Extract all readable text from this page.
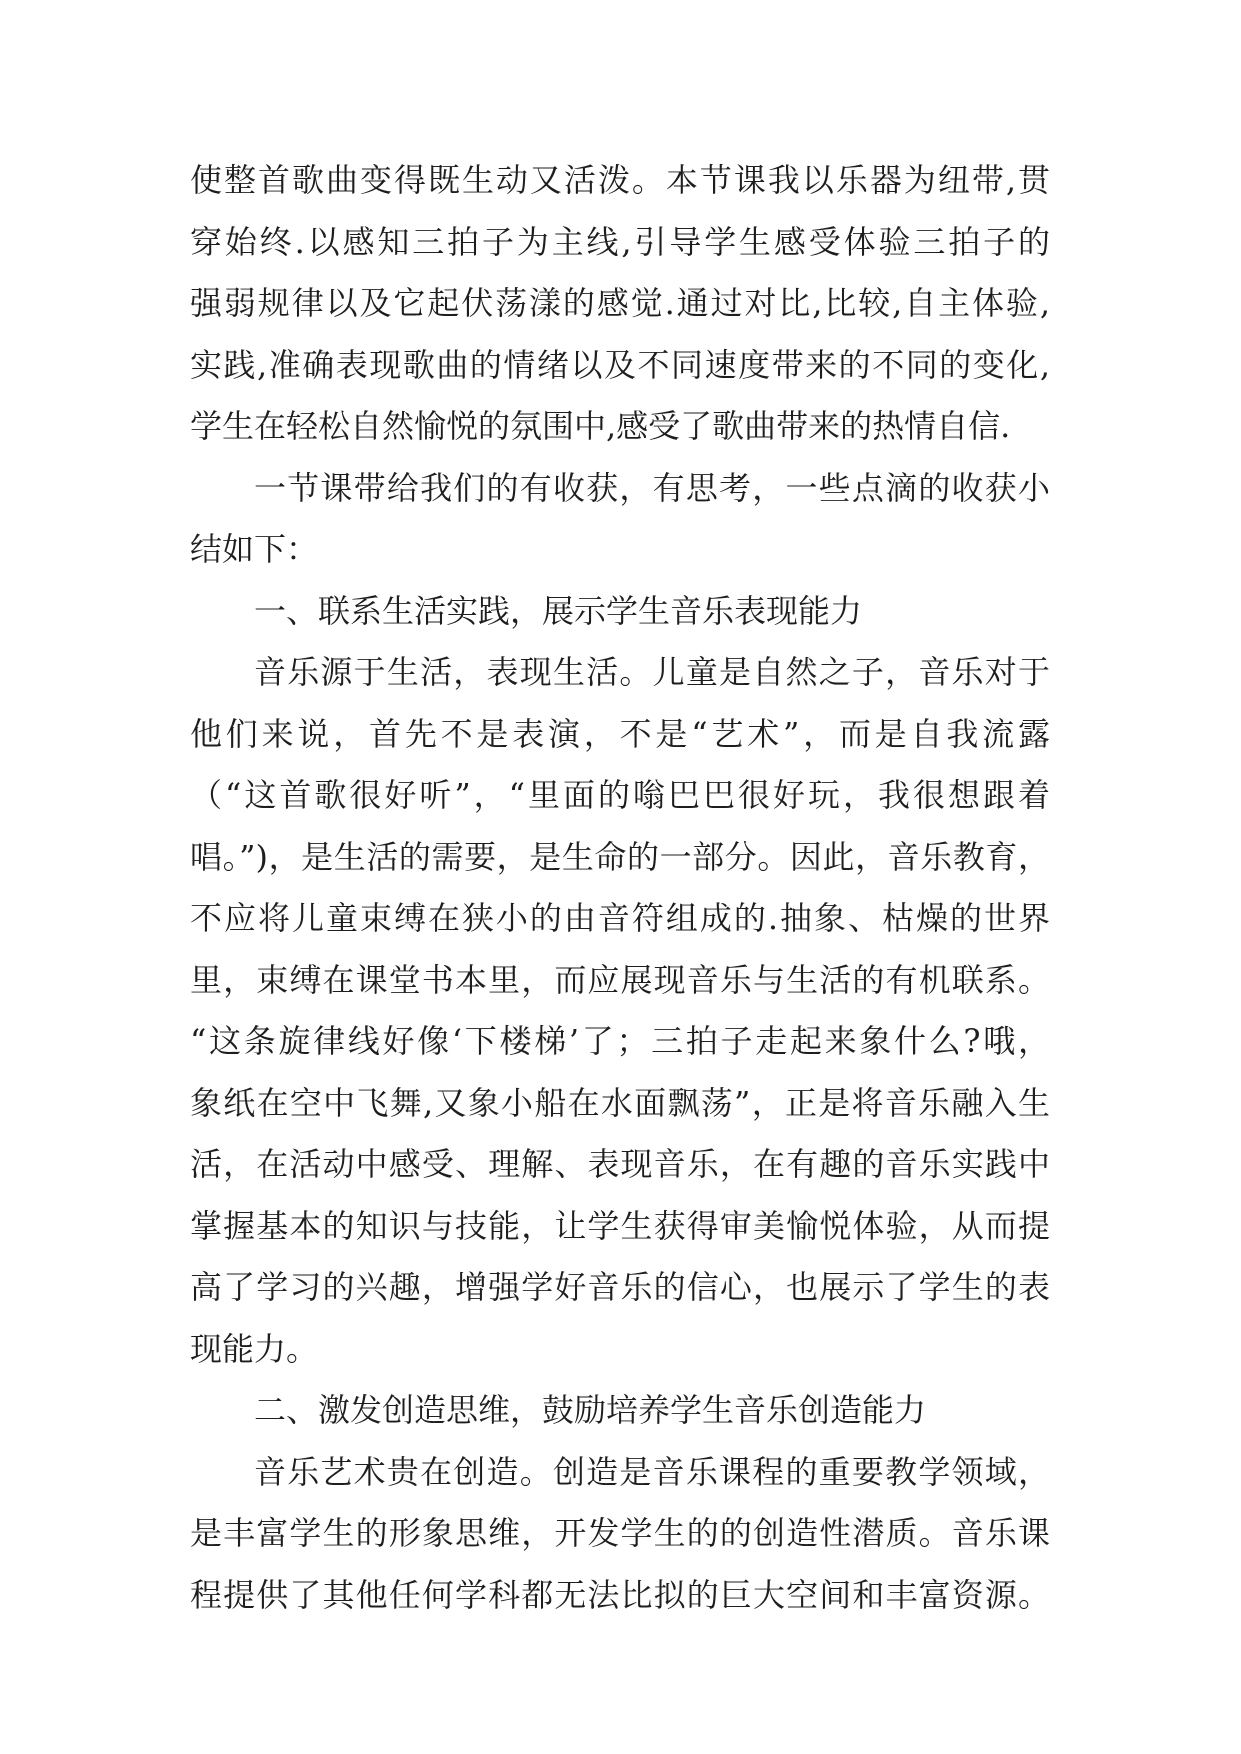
使整首歌曲变得既生动又活泼。本节课我以乐器为纽带,贯
穿始终.以感知三拍子为主线,引导学生感受体验三拍子的
强弱规律以及它起伏荡漾的感觉.通过对比,比较,自主体验,
实践,准确表现歌曲的情绪以及不同速度带来的不同的变化,
学生在轻松自然愉悦的氛围中,感受了歌曲带来的热情自信.
一节课带给我们的有收获，有思考，一些点滴的收获小
结如下：
一、联系生活实践，展示学生音乐表现能力
音乐源于生活，表现生活。儿童是自然之子，音乐对于
他们来说，首先不是表演，不是“艺术”，而是自我流露
（“这首歌很好听”，“里面的嗡巴巴很好玩，我很想跟着
唱。”)，是生活的需要，是生命的一部分。因此，音乐教育，
不应将儿童束缚在狭小的由音符组成的.抽象、枯燥的世界
里，束缚在课堂书本里，而应展现音乐与生活的有机联系。
“这条旋律线好像‘下楼梯’了；三拍子走起来象什么?哦，
象纸在空中飞舞,又象小船在水面飘荡”，正是将音乐融入生
活，在活动中感受、理解、表现音乐，在有趣的音乐实践中
掌握基本的知识与技能，让学生获得审美愉悦体验，从而提
高了学习的兴趣，增强学好音乐的信心，也展示了学生的表
现能力。
二、激发创造思维，鼓励培养学生音乐创造能力
音乐艺术贵在创造。创造是音乐课程的重要教学领域，
是丰富学生的形象思维，开发学生的的创造性潜质。音乐课
程提供了其他任何学科都无法比拟的巨大空间和丰富资源。
